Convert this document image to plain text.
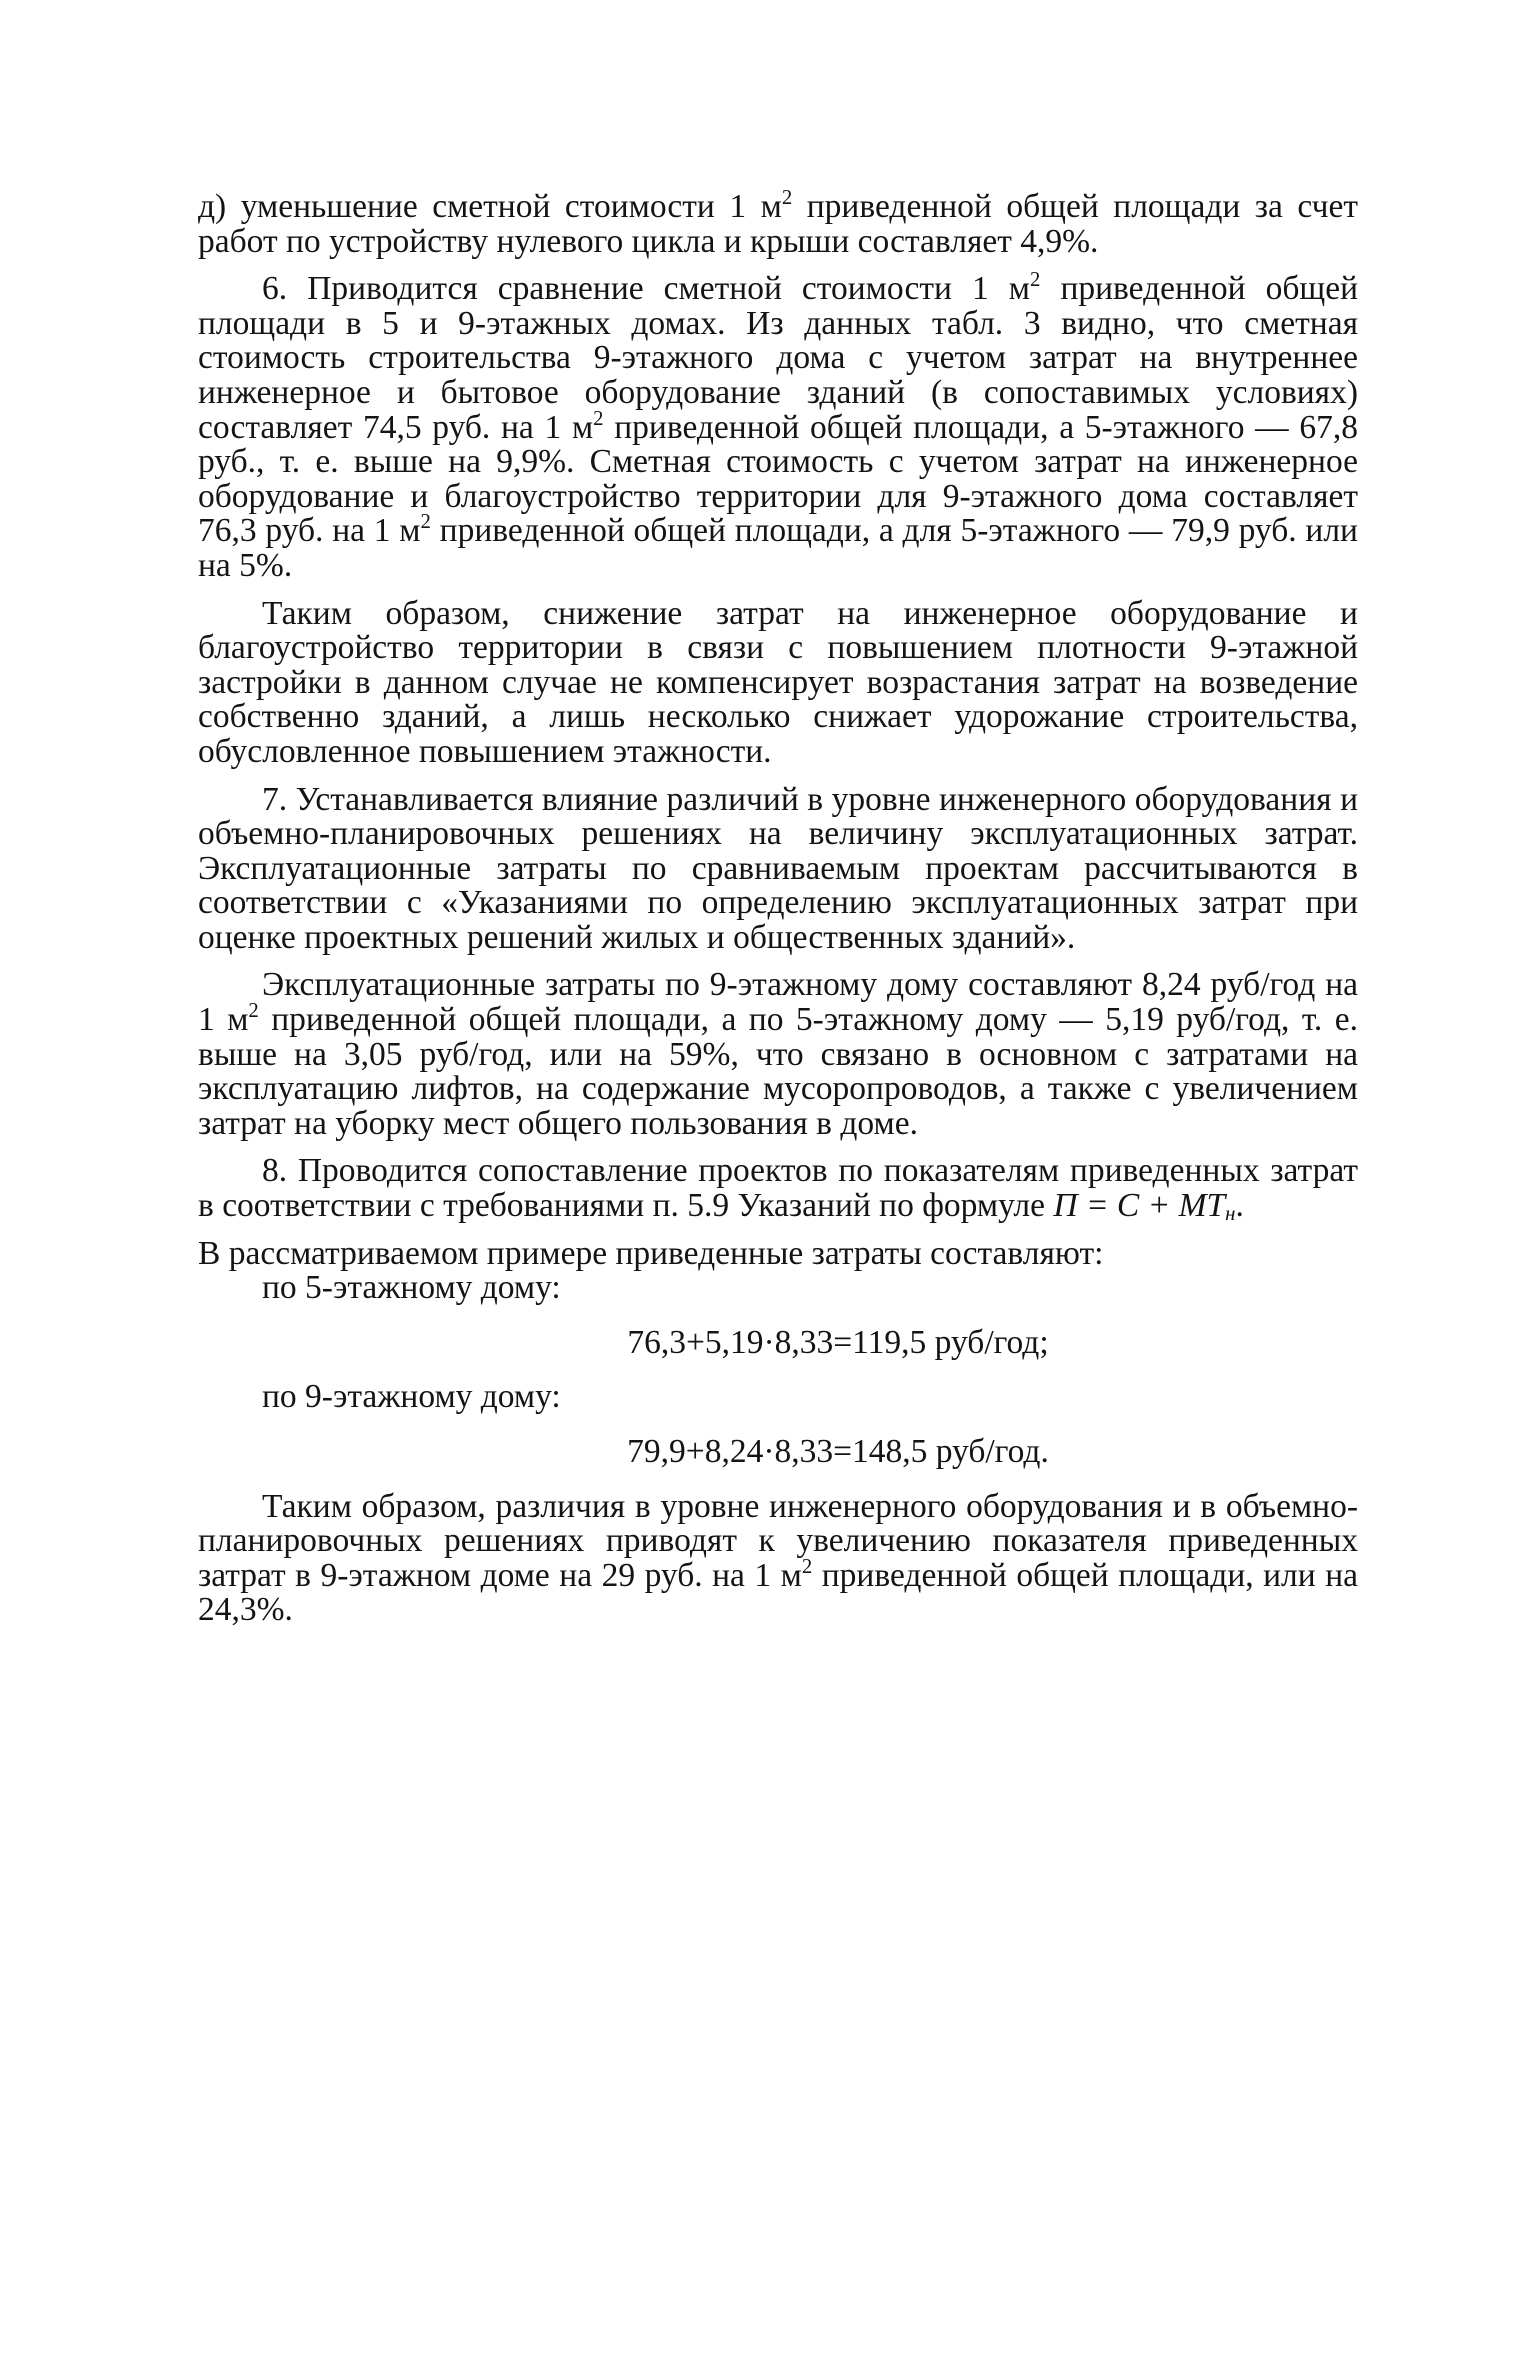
д) уменьшение сметной стоимости 1 $м^2$ приведенной общей площади за счет работ по устройству нулевого цикла и крыши составляет 4,9%.

6. Приводится сравнение сметной стоимости 1 $м^2$ приведенной общей площади в 5 и 9-этажных домах. Из данных табл. 3 видно, что сметная стоимость строительства 9-этажного дома с учетом затрат на внутреннее инженерное и бытовое оборудование зданий (в сопоставимых условиях) составляет 74,5 руб. на 1 $м^2$ приведенной общей площади, а 5-этажного — 67,8 руб., т. е. выше на 9,9%. Сметная стоимость с учетом затрат на инженерное оборудование и благоустройство территории для 9-этажного дома составляет 76,3 руб. на 1 $м^2$ приведенной общей площади, а для 5-этажного — 79,9 руб. или на 5%.

Таким образом, снижение затрат на инженерное оборудование и благоустройство территории в связи с повышением плотности 9-этажной застройки в данном случае не компенсирует возрастания затрат на возведение собственно зданий, а лишь несколько снижает удорожание строительства, обусловленное повышением этажности.

7. Устанавливается влияние различий в уровне инженерного оборудования и объемно-планировочных решениях на величину эксплуатационных затрат. Эксплуатационные затраты по сравниваемым проектам рассчитываются в соответствии с «Указаниями по определению эксплуатационных затрат при оценке проектных решений жилых и общественных зданий».

Эксплуатационные затраты по 9-этажному дому составляют 8,24 руб/год на 1 $м^2$ приведенной общей площади, а по 5-этажному дому — 5,19 руб/год, т. е. выше на 3,05 руб/год, или на 59%, что связано в основном с затратами на эксплуатацию лифтов, на содержание мусоропроводов, а также с увеличением затрат на уборку мест общего пользования в доме.

8. Проводится сопоставление проектов по показателям приведенных затрат в соответствии с требованиями п. 5.9 Указаний по формуле $П = С + МТ_н$.

В рассматриваемом примере приведенные затраты составляют:

по 5-этажному дому:

76,3+5,19·8,33=119,5 руб/год;

по 9-этажному дому:

79,9+8,24·8,33=148,5 руб/год.

Таким образом, различия в уровне инженерного оборудования и в объемно-планировочных решениях приводят к увеличению показателя приведенных затрат в 9-этажном доме на 29 руб. на 1 $м^2$ приведенной общей площади, или на 24,3%.
